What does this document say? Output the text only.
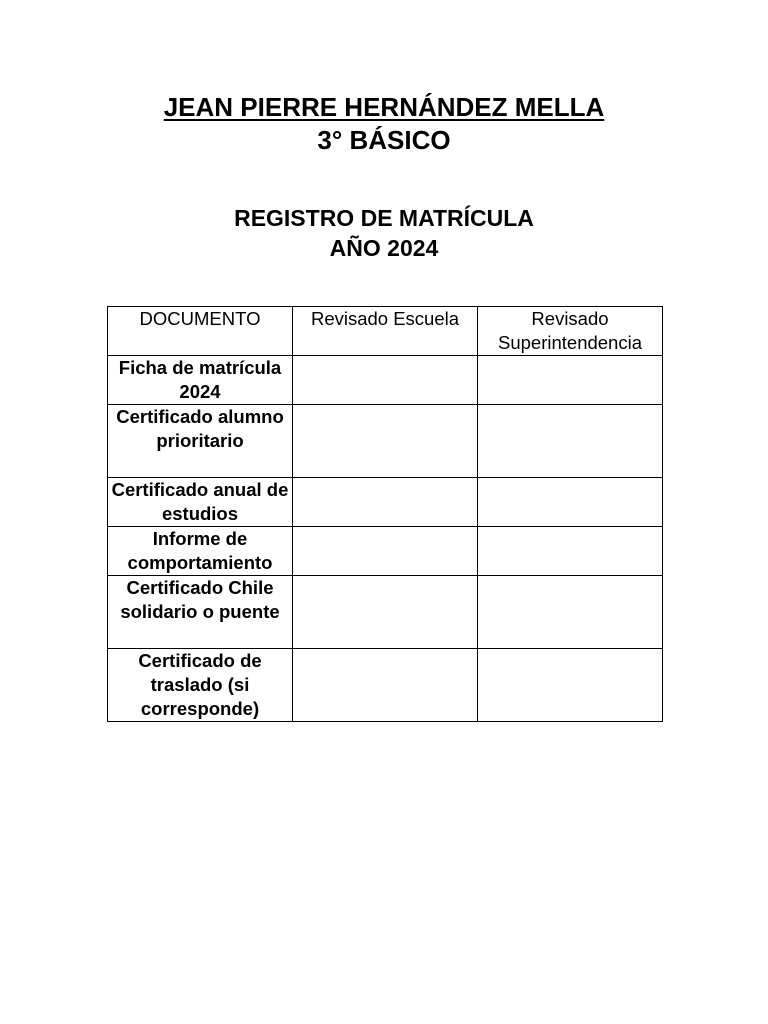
JEAN PIERRE HERNÁNDEZ MELLA

3° BÁSICO

REGISTRO DE MATRÍCULA

AÑO 2024

DOCUMENTO	Revisado Escuela	Revisado Superintendencia
Ficha de matrícula 2024		
Certificado alumno prioritario		
Certificado anual de estudios		
Informe de comportamiento		
Certificado Chile solidario o puente		
Certificado de traslado (si corresponde)		
